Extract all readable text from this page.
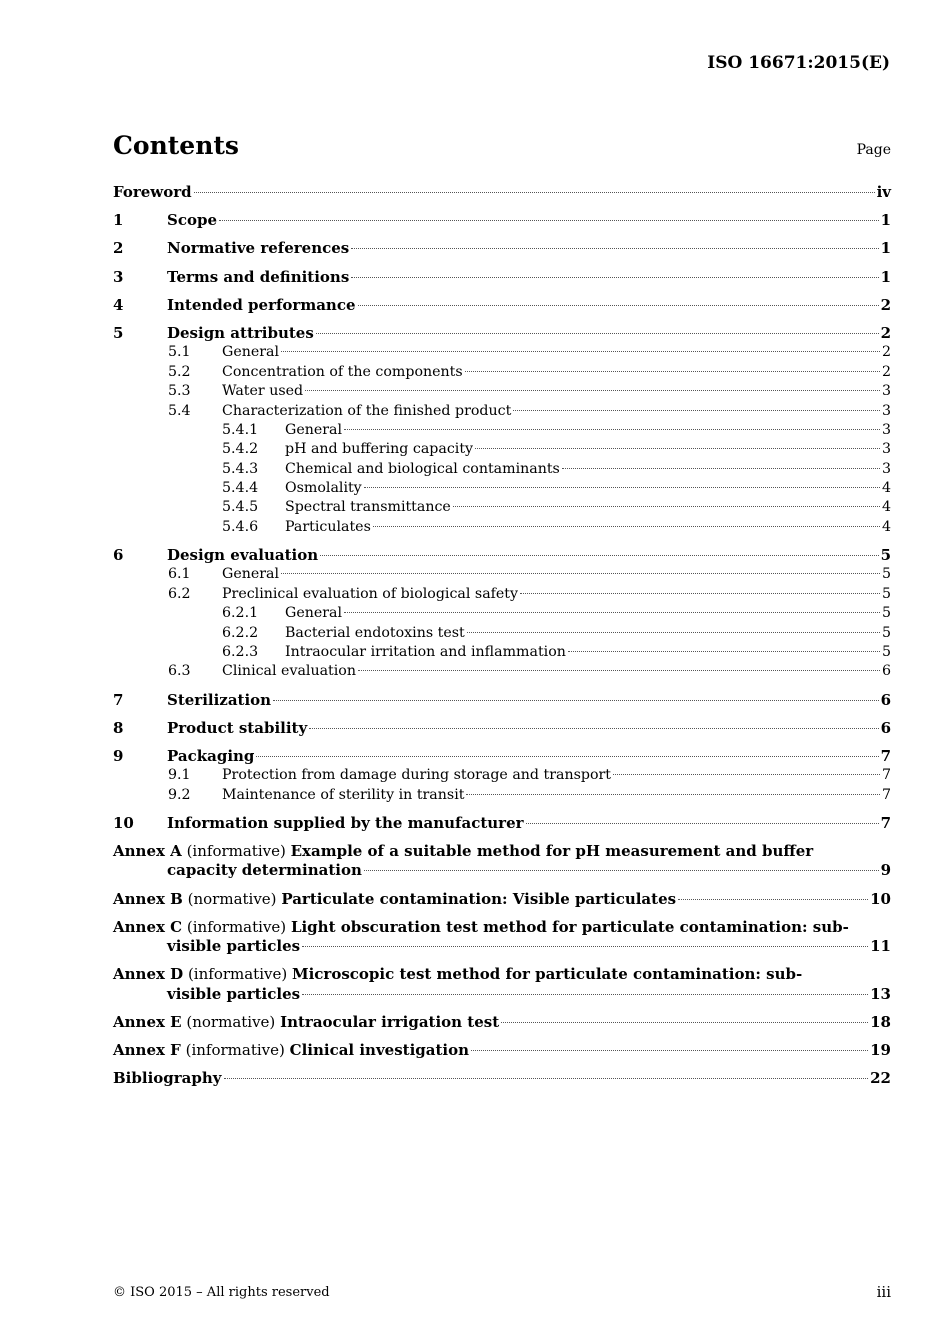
ISO 16671:2015(E)
Contents	Page
Foreword	iv
1	Scope	1
2	Normative references	1
3	Terms and definitions	1
4	Intended performance	2
5	Design attributes	2
5.1 General	2
5.2 Concentration of the components	2
5.3 Water used	3
5.4 Characterization of the finished product	3
5.4.1 General	3
5.4.2 pH and buffering capacity	3
5.4.3 Chemical and biological contaminants	3
5.4.4 Osmolality	4
5.4.5 Spectral transmittance	4
5.4.6 Particulates	4
6	Design evaluation	5
6.1 General	5
6.2 Preclinical evaluation of biological safety	5
6.2.1 General	5
6.2.2 Bacterial endotoxins test	5
6.2.3 Intraocular irritation and inflammation	5
6.3 Clinical evaluation	6
7	Sterilization	6
8	Product stability	6
9	Packaging	7
9.1 Protection from damage during storage and transport	7
9.2 Maintenance of sterility in transit	7
10 Information supplied by the manufacturer	7
Annex A (informative) Example of a suitable method for pH measurement and buffer
capacity determination	9
Annex B (normative) Particulate contamination: Visible particulates	10
Annex C (informative) Light obscuration test method for particulate contamination: sub-
visible particles	11
Annex D (informative) Microscopic test method for particulate contamination: sub-
visible particles	13
Annex E (normative) Intraocular irrigation test	18
Annex F (informative) Clinical investigation	19
Bibliography	22
© ISO 2015 – All rights reserved	iii
